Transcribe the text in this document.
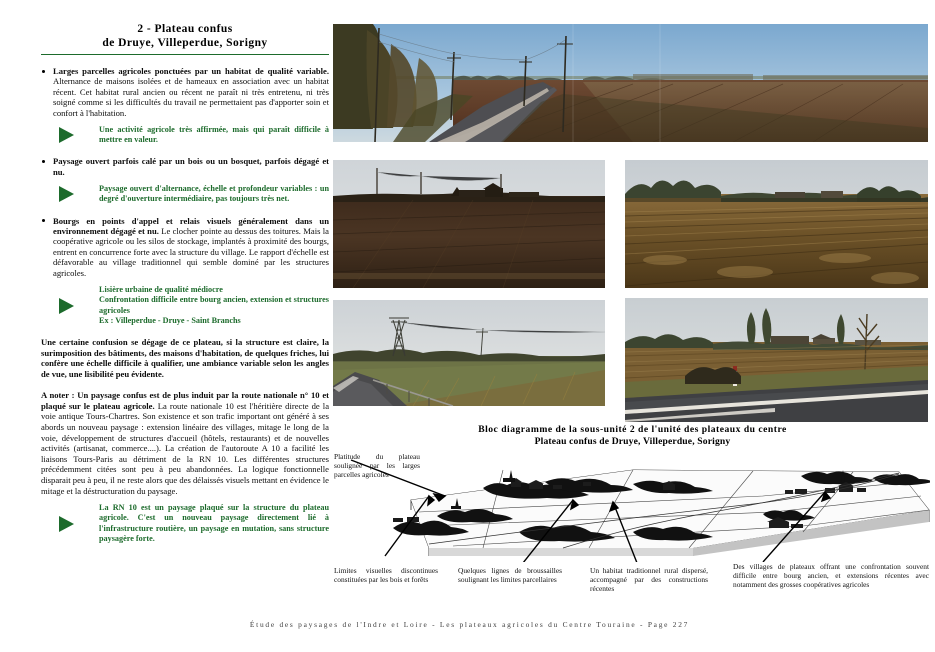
2 - Plateau confus
de Druye, Villeperdue, Sorigny
Larges parcelles agricoles ponctuées par un habitat de qualité variable. Alternance de maisons isolées et de hameaux en association avec un habitat récent. Cet habitat rural ancien ou récent ne paraît ni très entretenu, ni très soigné comme si les difficultés du travail ne permettaient pas d'apporter soin et confort à l'habitation.
Une activité agricole très affirmée, mais qui paraît difficile à mettre en valeur.
Paysage ouvert parfois calé par un bois ou un bosquet, parfois dégagé et nu.
Paysage ouvert d'alternance, échelle et profondeur variables : un degré d'ouverture intermédiaire, pas toujours très net.
Bourgs en points d'appel et relais visuels généralement dans un environnement dégagé et nu. Le clocher pointe au dessus des toitures. Mais la coopérative agricole ou les silos de stockage, implantés à proximité des bourgs, entrent en concurrence forte avec la structure du village. Le rapport d'échelle est défavorable au village traditionnel qui semble dominé par les structures agricoles.
Lisière urbaine de qualité médiocre
Confrontation difficile entre bourg ancien, extension et structures agricoles
Ex : Villeperdue - Druye - Saint Branchs

Une certaine confusion se dégage de ce plateau, si la structure est claire, la surimposition des bâtiments, des maisons d'habitation, de quelques friches, lui confère une échelle difficile à qualifier, une ambiance variable selon les angles de vue, une lisibilité peu évidente.

A noter : Un paysage confus est de plus induit par la route nationale n° 10 et plaqué sur le plateau agricole. La route nationale 10 est l'héritière directe de la voie antique Tours-Chartres. Son existence et son trafic important ont généré à ses abords un nouveau paysage : extension linéaire des villages, mitage le long de la voie, développement de structures d'accueil (hôtels, restaurants) et de nouvelles activités (artisanat, commerce....). La création de l'autoroute A 10 a facilité les liaisons Tours-Paris au détriment de la RN 10. Les différentes structures précédemment citées sont peu à peu abandonnées. La logique fonctionnelle disparait peu à peu, il ne reste alors que des délaissés visuels mettant en évidence le mitage et la déstructuration du paysage.

La RN 10 est un paysage plaqué sur la structure du plateau agricole. C'est un nouveau paysage directement lié à l'infrastructure routière, un paysage en mutation, sans structure paysagère forte.
Bloc diagramme de la sous-unité 2 de l'unité des plateaux du centre
Plateau confus de Druye, Villeperdue, Sorigny
Platitude du plateau soulignée par les larges parcelles agricoles
Limites visuelles discontinues constituées par les bois et forêts
Quelques lignes de broussailles soulignant les limites parcellaires
Un habitat traditionnel rural dispersé, accompagné par des constructions récentes
Des villages de plateaux offrant une confrontation souvent difficile entre bourg ancien, et extensions récentes avec notamment des grosses coopératives agricoles
Étude des paysages de l'Indre et Loire - Les plateaux agricoles du Centre Touraine - Page 227
